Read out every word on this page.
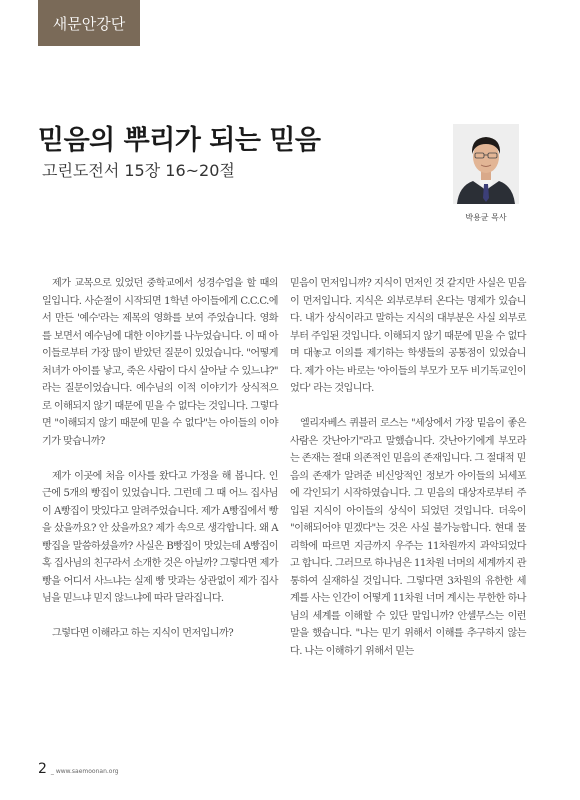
새문안강단
믿음의 뿌리가 되는 믿음
고린도전서 15장 16~20절
박용균 목사

제가 교목으로 있었던 중학교에서 성경수업을 할 때의 일입니다. 사순절이 시작되면 1학년 아이들에게 C.C.C.에서 만든 '예수'라는 제목의 영화를 보여 주었습니다. 영화를 보면서 예수님에 대한 이야기를 나누었습니다. 이 때 아이들로부터 가장 많이 받았던 질문이 있었습니다. "어떻게 처녀가 아이를 낳고, 죽은 사람이 다시 살아날 수 있느냐?" 라는 질문이었습니다. 예수님의 이적 이야기가 상식적으로 이해되지 않기 때문에 믿을 수 없다는 것입니다. 그렇다면 "이해되지 않기 때문에 믿을 수 없다"는 아이들의 이야기가 맞습니까?

제가 이곳에 처음 이사를 왔다고 가정을 해 봅니다. 인근에 5개의 빵집이 있었습니다. 그런데 그 때 어느 집사님이 A빵집이 맛있다고 알려주었습니다. 제가 A빵집에서 빵을 샀을까요? 안 샀을까요? 제가 속으로 생각합니다. 왜 A빵집을 말씀하셨을까? 사실은 B빵집이 맛있는데 A빵집이 혹 집사님의 친구라서 소개한 것은 아닐까? 그렇다면 제가 빵을 어디서 사느냐는 실제 빵 맛과는 상관없이 제가 집사님을 믿느냐 믿지 않느냐에 따라 달라집니다.

그렇다면 이해라고 하는 지식이 먼저입니까?

믿음이 먼저입니까? 지식이 먼저인 것 같지만 사실은 믿음이 먼저입니다. 지식은 외부로부터 온다는 명제가 있습니다. 내가 상식이라고 말하는 지식의 대부분은 사실 외부로부터 주입된 것입니다. 이해되지 않기 때문에 믿을 수 없다며 대놓고 이의를 제기하는 학생들의 공통점이 있었습니다. 제가 아는 바로는 '아이들의 부모가 모두 비기독교인이었다' 라는 것입니다.

엘리자베스 퀴블러 로스는 "세상에서 가장 밑음이 좋은 사람은 갓난아기"라고 말했습니다. 갓난아기에게 부모라는 존재는 절대 의존적인 믿음의 존재입니다. 그 절대적 믿음의 존재가 알려준 비신앙적인 정보가 아이들의 뇌세포에 각인되기 시작하였습니다. 그 믿음의 대상자로부터 주입된 지식이 아이들의 상식이 되었던 것입니다. 더욱이 "이해되어야 믿겠다"는 것은 사실 불가능합니다. 현대 물리학에 따르면 지금까지 우주는 11차원까지 과악되었다고 합니다. 그러므로 하나님은 11차원 너머의 세계까지 관통하여 실재하실 것입니다. 그렇다면 3차원의 유한한 세계를 사는 인간이 어떻게 11차원 너머 계시는 무한한 하나님의 세계를 이해할 수 있단 말입니까? 안셀무스는 이런 말을 했습니다. "나는 믿기 위해서 이해를 추구하지 않는다. 나는 이해하기 위해서 믿는

2 _ www.saemoonan.org
